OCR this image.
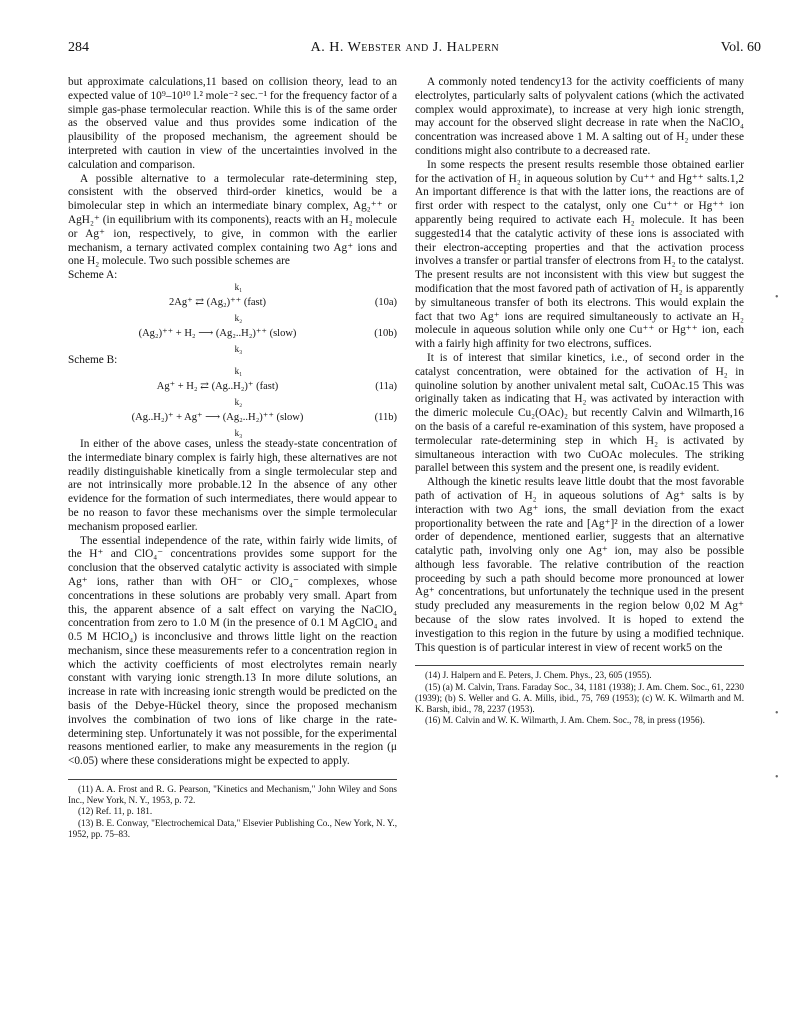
284	A. H. Webster and J. Halpern	Vol. 60

but approximate calculations,11 based on collision theory, lead to an expected value of 10⁹–10¹⁰ l.² mole⁻² sec.⁻¹ for the frequency factor of a simple gas-phase termolecular reaction. While this is of the same order as the observed value and thus provides some indication of the plausibility of the proposed mechanism, the agreement should be interpreted with caution in view of the uncertainties involved in the calculation and comparison.

A possible alternative to a termolecular rate-determining step, consistent with the observed third-order kinetics, would be a bimolecular step in which an intermediate binary complex, Ag₂⁺⁺ or AgH₂⁺ (in equilibrium with its components), reacts with an H₂ molecule or Ag⁺ ion, respectively, to give, in common with the earlier mechanism, a ternary activated complex containing two Ag⁺ ions and one H₂ molecule. Two such possible schemes are

Scheme A:

k₁

2Ag⁺ ⇄ (Ag₂)⁺⁺ (fast)	(10a)

k₂

(Ag₂)⁺⁺ + H₂ ⟶ (Ag₂..H₂)⁺⁺ (slow)	(10b)

k₃

Scheme B:

k₁

Ag⁺ + H₂ ⇄ (Ag..H₂)⁺ (fast)	(11a)

k₂

(Ag..H₂)⁺ + Ag⁺ ⟶ (Ag₂..H₂)⁺⁺ (slow)	(11b)

k₃

In either of the above cases, unless the steady-state concentration of the intermediate binary complex is fairly high, these alternatives are not readily distinguishable kinetically from a single termolecular step and are not intrinsically more probable.12 In the absence of any other evidence for the formation of such intermediates, there would appear to be no reason to favor these mechanisms over the simple termolecular mechanism proposed earlier.

The essential independence of the rate, within fairly wide limits, of the H⁺ and ClO₄⁻ concentrations provides some support for the conclusion that the observed catalytic activity is associated with simple Ag⁺ ions, rather than with OH⁻ or ClO₄⁻ complexes, whose concentrations in these solutions are probably very small. Apart from this, the apparent absence of a salt effect on varying the NaClO₄ concentration from zero to 1.0 M (in the presence of 0.1 M AgClO₄ and 0.5 M HClO₄) is inconclusive and throws little light on the reaction mechanism, since these measurements refer to a concentration region in which the activity coefficients of most electrolytes remain nearly constant with varying ionic strength.13 In more dilute solutions, an increase in rate with increasing ionic strength would be predicted on the basis of the Debye-Hückel theory, since the proposed mechanism involves the combination of two ions of like charge in the rate-determining step. Unfortunately it was not possible, for the experimental reasons mentioned earlier, to make any measurements in the region (μ <0.05) where these considerations might be expected to apply.

(11) A. A. Frost and R. G. Pearson, "Kinetics and Mechanism," John Wiley and Sons Inc., New York, N. Y., 1953, p. 72.
(12) Ref. 11, p. 181.
(13) B. E. Conway, "Electrochemical Data," Elsevier Publishing Co., New York, N. Y., 1952, pp. 75–83.

A commonly noted tendency13 for the activity coefficients of many electrolytes, particularly salts of polyvalent cations (which the activated complex would approximate), to increase at very high ionic strength, may account for the observed slight decrease in rate when the NaClO₄ concentration was increased above 1 M. A salting out of H₂ under these conditions might also contribute to a decreased rate.

In some respects the present results resemble those obtained earlier for the activation of H₂ in aqueous solution by Cu⁺⁺ and Hg⁺⁺ salts.1,2 An important difference is that with the latter ions, the reactions are of first order with respect to the catalyst, only one Cu⁺⁺ or Hg⁺⁺ ion apparently being required to activate each H₂ molecule. It has been suggested14 that the catalytic activity of these ions is associated with their electron-accepting properties and that the activation process involves a transfer or partial transfer of electrons from H₂ to the catalyst. The present results are not inconsistent with this view but suggest the modification that the most favored path of activation of H₂ is apparently by simultaneous transfer of both its electrons. This would explain the fact that two Ag⁺ ions are required simultaneously to activate an H₂ molecule in aqueous solution while only one Cu⁺⁺ or Hg⁺⁺ ion, each with a fairly high affinity for two electrons, suffices.

It is of interest that similar kinetics, i.e., of second order in the catalyst concentration, were obtained for the activation of H₂ in quinoline solution by another univalent metal salt, CuOAc.15 This was originally taken as indicating that H₂ was activated by interaction with the dimeric molecule Cu₂(OAc)₂ but recently Calvin and Wilmarth,16 on the basis of a careful re-examination of this system, have proposed a termolecular rate-determining step in which H₂ is activated by simultaneous interaction with two CuOAc molecules. The striking parallel between this system and the present one, is readily evident.

Although the kinetic results leave little doubt that the most favorable path of activation of H₂ in aqueous solutions of Ag⁺ salts is by interaction with two Ag⁺ ions, the small deviation from the exact proportionality between the rate and [Ag⁺]² in the direction of a lower order of dependence, mentioned earlier, suggests that an alternative catalytic path, involving only one Ag⁺ ion, may also be possible although less favorable. The relative contribution of the reaction proceeding by such a path should become more pronounced at lower Ag⁺ concentrations, but unfortunately the technique used in the present study precluded any measurements in the region below 0,02 M Ag⁺ because of the slow rates involved. It is hoped to extend the investigation to this region in the future by using a modified technique. This question is of particular interest in view of recent work5 on the

(14) J. Halpern and E. Peters, J. Chem. Phys., 23, 605 (1955).
(15) (a) M. Calvin, Trans. Faraday Soc., 34, 1181 (1938); J. Am. Chem. Soc., 61, 2230 (1939); (b) S. Weller and G. A. Mills, ibid., 75, 769 (1953); (c) W. K. Wilmarth and M. K. Barsh, ibid., 78, 2237 (1953).
(16) M. Calvin and W. K. Wilmarth, J. Am. Chem. Soc., 78, in press (1956).
•
•
•
